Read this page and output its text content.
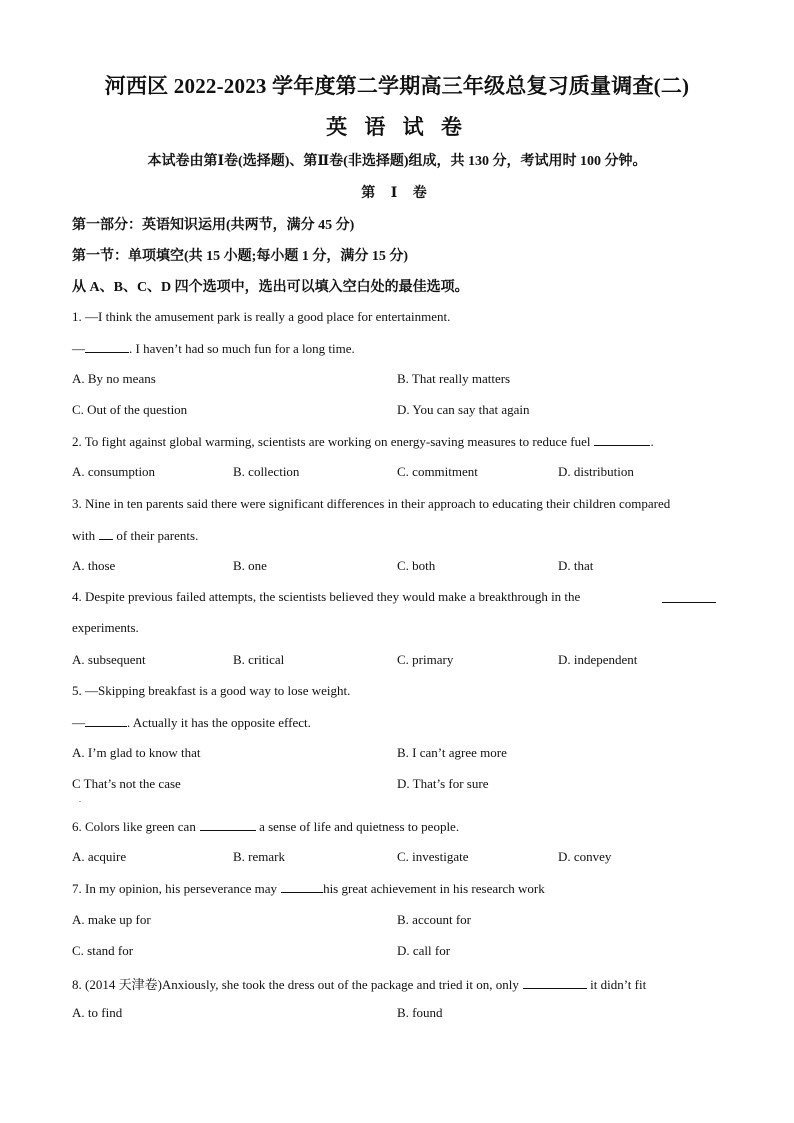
河西区 2022-2023 学年度第二学期高三年级总复习质量调查(二)
英 语 试 卷
本试卷由第Ⅰ卷(选择题)、第Ⅱ卷(非选择题)组成，共 130 分，考试用时 100 分钟。
第 Ⅰ 卷
第一部分：英语知识运用(共两节，满分 45 分)
第一节：单项填空(共 15 小题;每小题 1 分，满分 15 分)
从 A、B、C、D 四个选项中，选出可以填入空白处的最佳选项。
1. —I think the amusement park is really a good place for entertainment.
—	. I haven’t had so much fun for a long time.
A. By no means	B. That really matters
C. Out of the question	D. You can say that again
2. To fight against global warming, scientists are working on energy-saving measures to reduce fuel	.
A. consumption	B. collection	C. commitment	D. distribution
3. Nine in ten parents said there were significant differences in their approach to educating their children compared
with of their parents.
A. those	B. one	C. both	D. that
4. Despite previous failed attempts, the scientists believed they would make a breakthrough in the
experiments.
A. subsequent	B. critical	C. primary	D. independent
5. —Skipping breakfast is a good way to lose weight.
—	. Actually it has the opposite effect.
A. I’m glad to know that	B. I can’t agree more
C That’s not the case	D. That’s for sure
.
6. Colors like green can	a sense of life and quietness to people.
A. acquire	B. remark	C. investigate	D. convey
7. In my opinion, his perseverance may	his great achievement in his research work
A. make up for	B. account for
C. stand for	D. call for
8. (2014 天津卷)Anxiously, she took the dress out of the package and tried it on, only	it didn’t fit
A. to find	B. found
